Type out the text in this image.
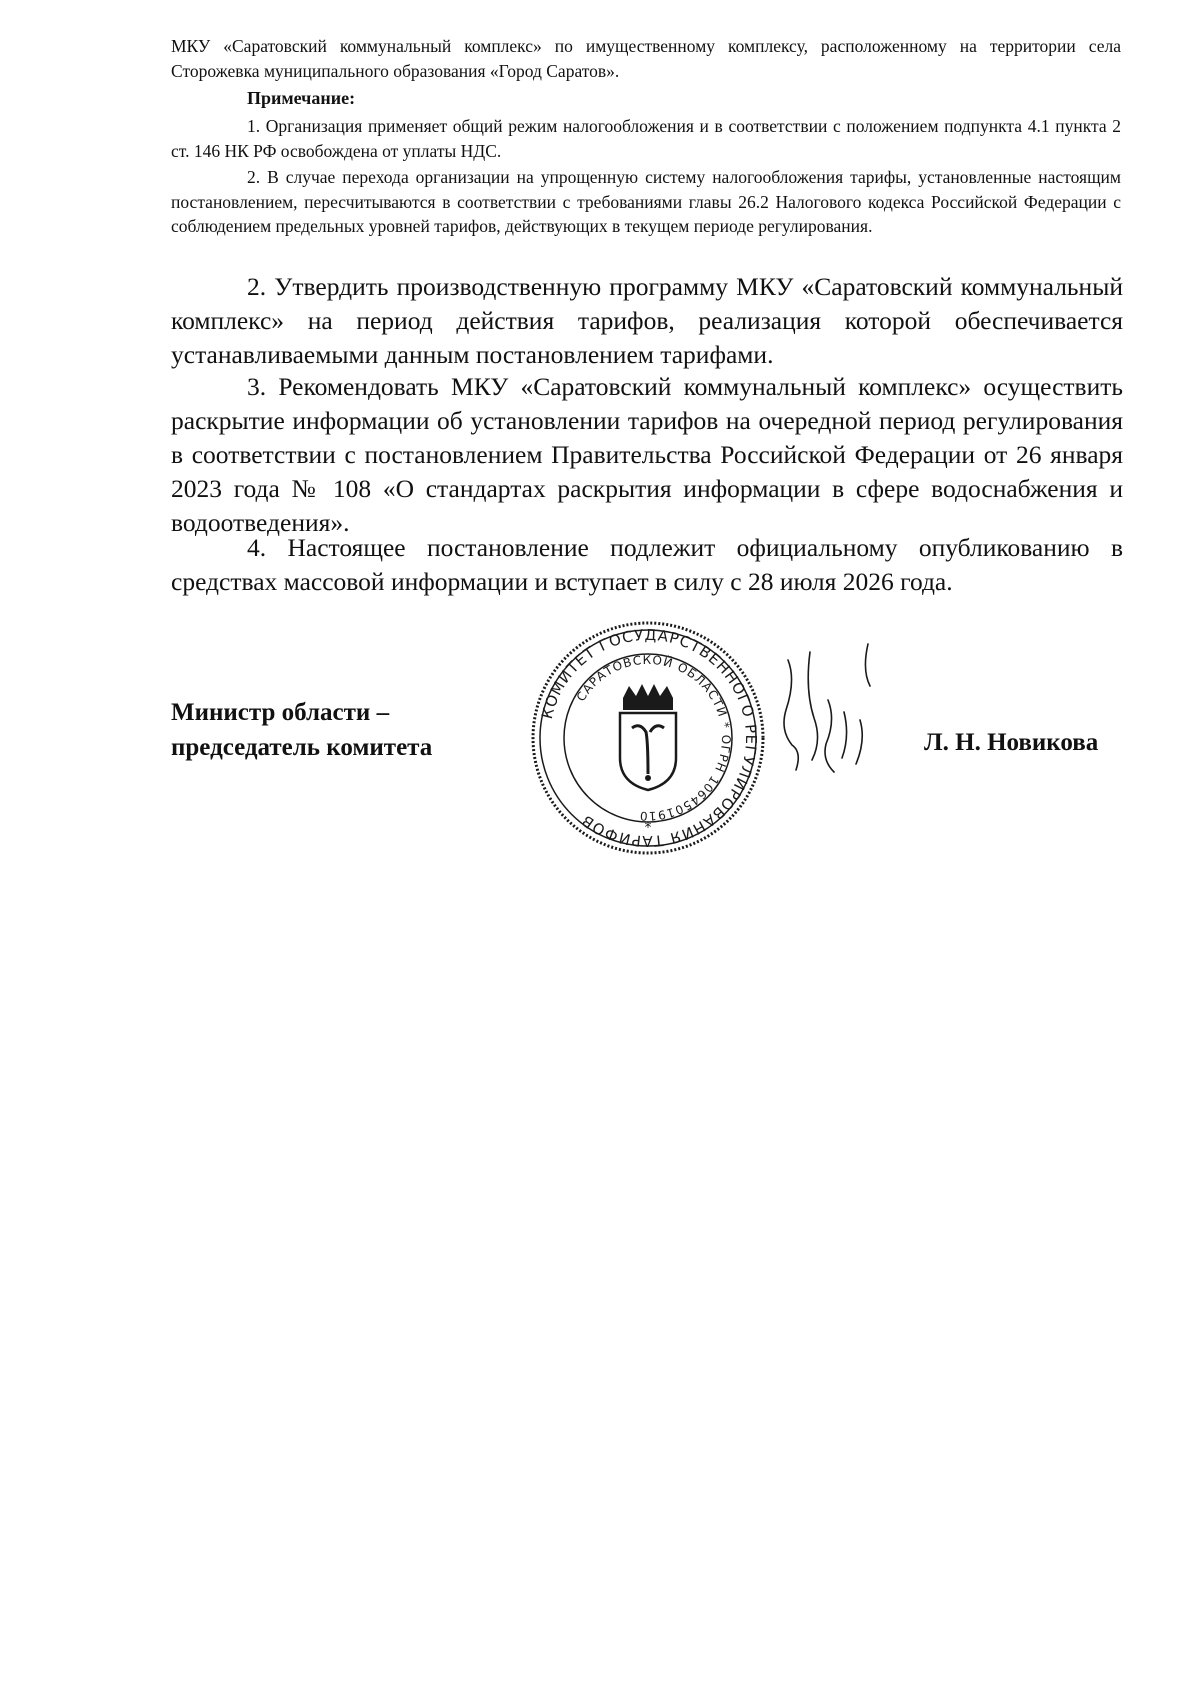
МКУ «Саратовский коммунальный комплекс» по имущественному комплексу, расположенному на территории села Сторожевка муниципального образования «Город Саратов».

Примечание:

1. Организация применяет общий режим налогообложения и в соответствии с положением подпункта 4.1 пункта 2 ст. 146 НК РФ освобождена от уплаты НДС.

2. В случае перехода организации на упрощенную систему налогообложения тарифы, установленные настоящим постановлением, пересчитываются в соответствии с требованиями главы 26.2 Налогового кодекса Российской Федерации с соблюдением предельных уровней тарифов, действующих в текущем периоде регулирования.

2. Утвердить производственную программу МКУ «Саратовский коммунальный комплекс» на период действия тарифов, реализация которой обеспечивается устанавливаемыми данным постановлением тарифами.

3. Рекомендовать МКУ «Саратовский коммунальный комплекс» осуществить раскрытие информации об установлении тарифов на очередной период регулирования в соответствии с постановлением Правительства Российской Федерации от 26 января 2023 года № 108 «О стандартах раскрытия информации в сфере водоснабжения и водоотведения».

4. Настоящее постановление подлежит официальному опубликованию в средствах массовой информации и вступает в силу с 28 июля 2026 года.

Министр области –
председатель комитета
КОМИТЕТ ГОСУДАРСТВЕННОГО РЕГУЛИРОВАНИЯ ТАРИФОВ
САРАТОВСКОЙ ОБЛАСТИ * ОГРН 1064501910
*

Л. Н. Новикова
